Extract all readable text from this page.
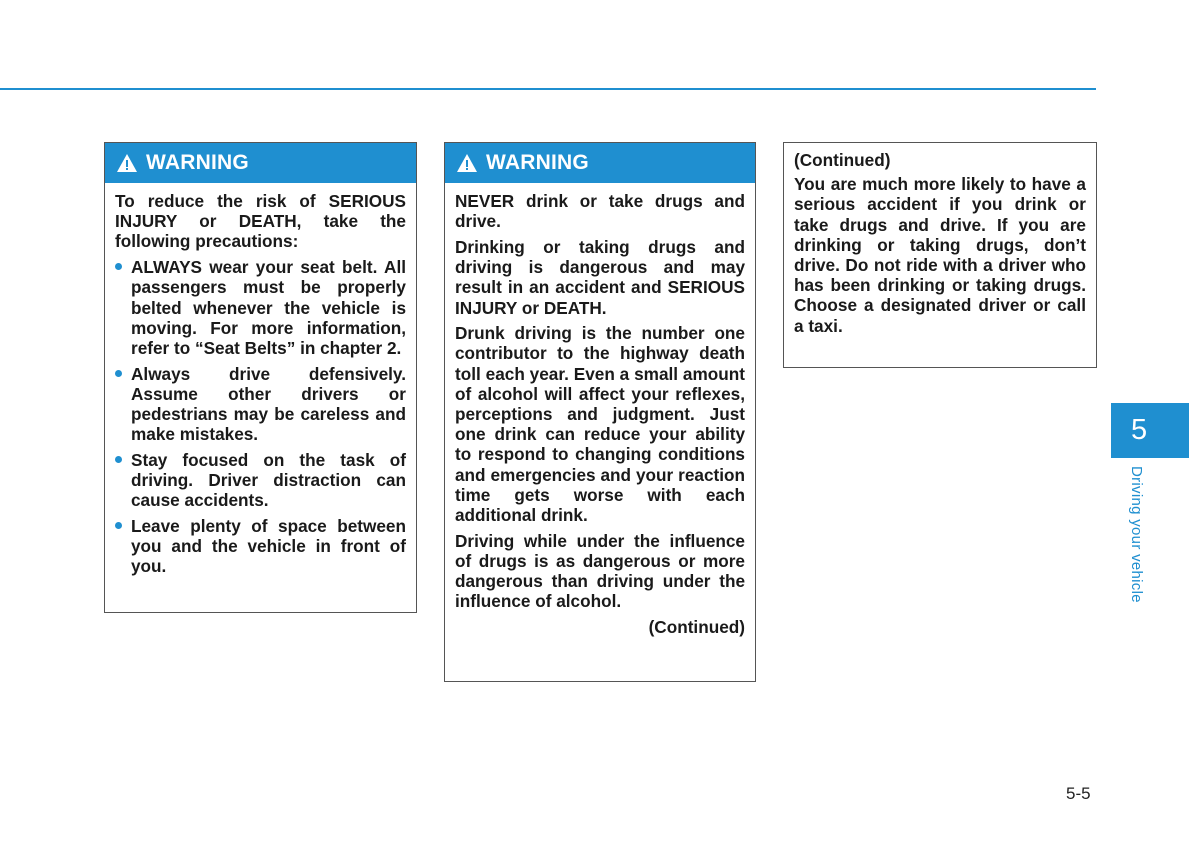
WARNING

To reduce the risk of SERIOUS INJURY or DEATH, take the following precautions:

ALWAYS wear your seat belt. All passengers must be properly belted whenever the vehicle is moving. For more information, refer to “Seat Belts” in chapter 2.
Always drive defensively. Assume other drivers or pedestrians may be careless and make mistakes.
Stay focused on the task of driving. Driver distraction can cause accidents.
Leave plenty of space between you and the vehicle in front of you.
WARNING

NEVER drink or take drugs and drive.

Drinking or taking drugs and driving is dangerous and may result in an accident and SERIOUS INJURY or DEATH.

Drunk driving is the number one contributor to the highway death toll each year. Even a small amount of alcohol will affect your reflexes, perceptions and judgment. Just one drink can reduce your ability to respond to changing conditions and emergencies and your reaction time gets worse with each additional drink.

Driving while under the influence of drugs is as dangerous or more dangerous than driving under the influence of alcohol.

(Continued)

(Continued)

You are much more likely to have a serious accident if you drink or take drugs and drive. If you are drinking or taking drugs, don’t drive. Do not ride with a driver who has been drinking or taking drugs. Choose a designated driver or call a taxi.

5
Driving your vehicle
5-5
